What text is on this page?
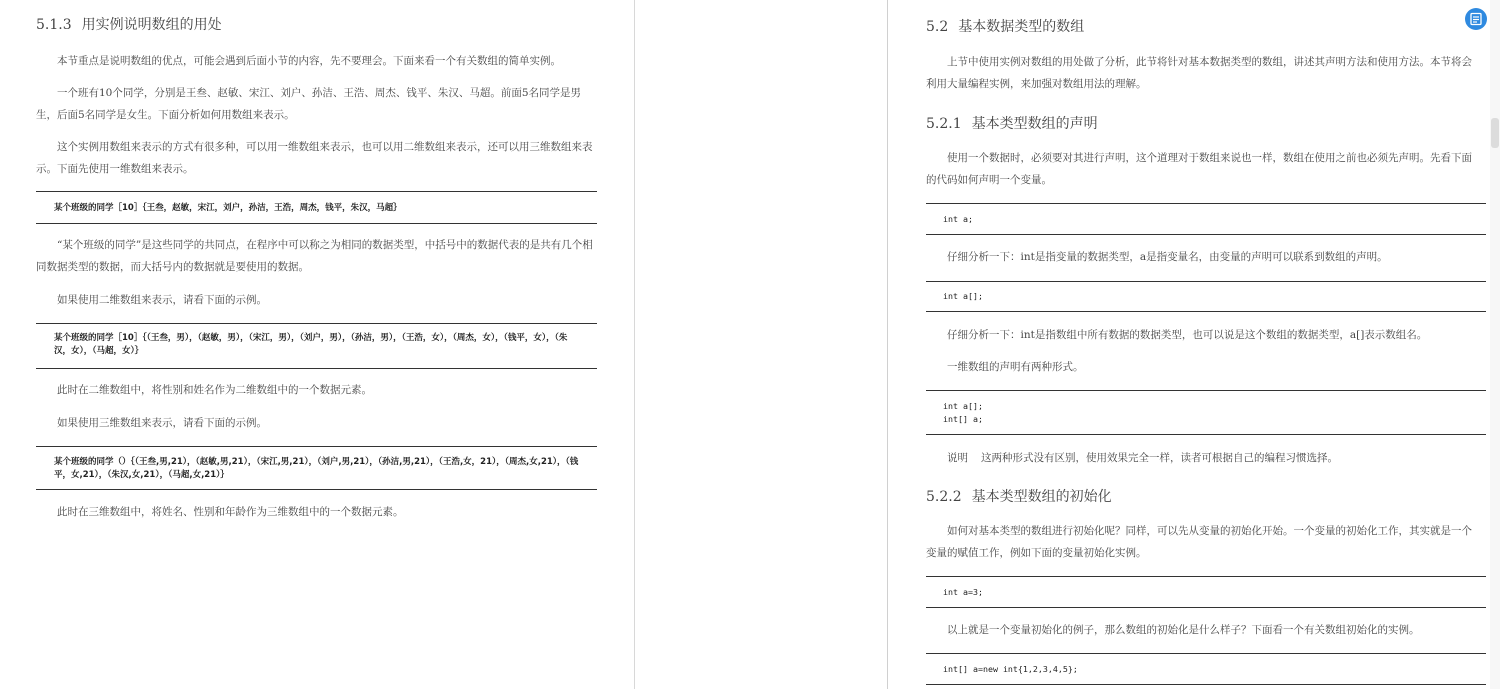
5.1.3 用实例说明数组的用处
本节重点是说明数组的优点，可能会遇到后面小节的内容，先不要理会。下面来看一个有关数组的简单实例。
一个班有10个同学，分别是王叁、赵敏、宋江、刘户、孙洁、王浩、周杰、钱平、朱汉、马超。前面5名同学是男生，后面5名同学是女生。下面分析如何用数组来表示。
这个实例用数组来表示的方式有很多种，可以用一维数组来表示，也可以用二维数组来表示，还可以用三维数组来表示。下面先使用一维数组来表示。
某个班级的同学［10］｛王叁，赵敏，宋江，刘户，孙洁，王浩，周杰，钱平，朱汉，马超｝
“某个班级的同学”是这些同学的共同点，在程序中可以称之为相同的数据类型，中括号中的数据代表的是共有几个相同数据类型的数据，而大括号内的数据就是要使用的数据。
如果使用二维数组来表示，请看下面的示例。
某个班级的同学［10］｛（王叁，男），（赵敏，男），（宋江，男），（刘户，男），（孙洁，男），（王浩，女），（周杰，女），（钱平，女），（朱汉，女），（马超，女）｝
此时在二维数组中，将性别和姓名作为二维数组中的一个数据元素。
如果使用三维数组来表示，请看下面的示例。
某个班级的同学（）｛（王叁,男,21），（赵敏,男,21），（宋江,男,21），（刘户,男,21），（孙洁,男,21），（王浩,女，21），（周杰,女,21），（钱平，女,21），（朱汉,女,21），（马超,女,21）｝
此时在三维数组中，将姓名、性别和年龄作为三维数组中的一个数据元素。
5.2 基本数据类型的数组
上节中使用实例对数组的用处做了分析，此节将针对基本数据类型的数组，讲述其声明方法和使用方法。本节将会利用大量编程实例，来加强对数组用法的理解。
5.2.1 基本类型数组的声明
使用一个数据时，必须要对其进行声明，这个道理对于数组来说也一样，数组在使用之前也必须先声明。先看下面的代码如何声明一个变量。
int a;
仔细分析一下：int是指变量的数据类型，a是指变量名，由变量的声明可以联系到数组的声明。
int a[];
仔细分析一下：int是指数组中所有数据的数据类型，也可以说是这个数组的数据类型，a[]表示数组名。
一维数组的声明有两种形式。
int a[];
int[] a;
说明 这两种形式没有区别，使用效果完全一样，读者可根据自己的编程习惯选择。
5.2.2 基本类型数组的初始化
如何对基本类型的数组进行初始化呢？同样，可以先从变量的初始化开始。一个变量的初始化工作，其实就是一个变量的赋值工作，例如下面的变量初始化实例。
int a=3;
以上就是一个变量初始化的例子，那么数组的初始化是什么样子？下面看一个有关数组初始化的实例。
int[] a=new int{1,2,3,4,5};
